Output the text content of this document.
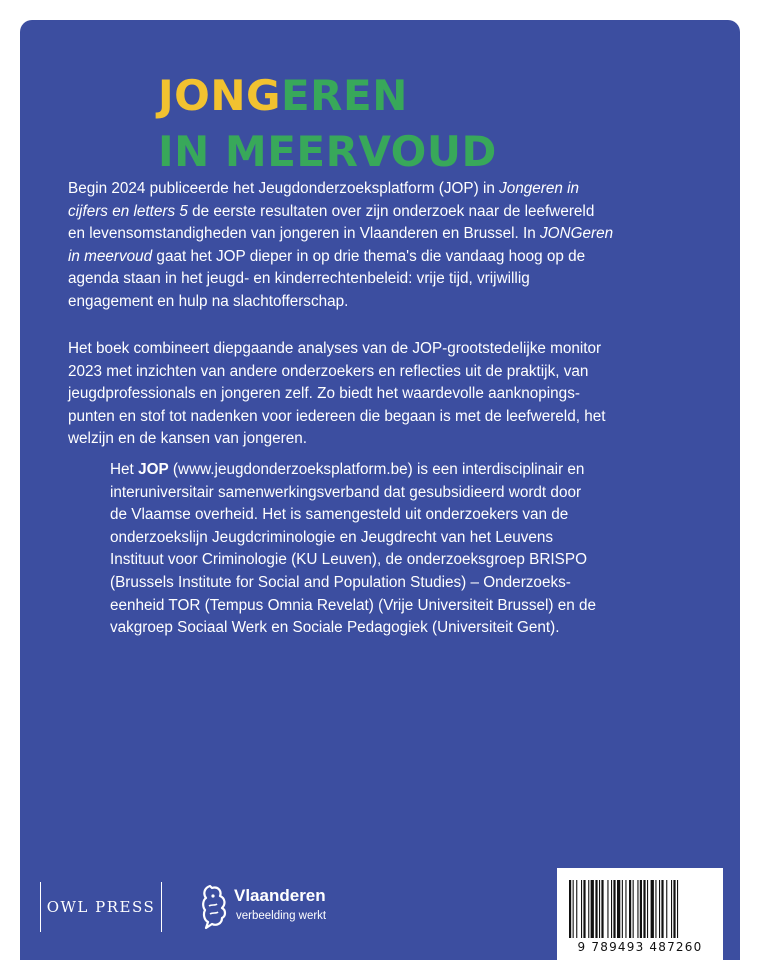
JONGEREN
IN MEERVOUD
Begin 2024 publiceerde het Jeugdonderzoeksplatform (JOP) in Jongeren in
cijfers en letters 5 de eerste resultaten over zijn onderzoek naar de leefwereld
en levensomstandigheden van jongeren in Vlaanderen en Brussel. In JONGeren
in meervoud gaat het JOP dieper in op drie thema's die vandaag hoog op de
agenda staan in het jeugd- en kinderrechtenbeleid: vrije tijd, vrijwillig
engagement en hulp na slachtofferschap.
Het boek combineert diepgaande analyses van de JOP-grootstedelijke monitor
2023 met inzichten van andere onderzoekers en reflecties uit de praktijk, van
jeugdprofessionals en jongeren zelf. Zo biedt het waardevolle aanknopings-
punten en stof tot nadenken voor iedereen die begaan is met de leefwereld, het
welzijn en de kansen van jongeren.
Het JOP (www.jeugdonderzoeksplatform.be) is een interdisciplinair en
interuniversitair samenwerkingsverband dat gesubsidieerd wordt door
de Vlaamse overheid. Het is samengesteld uit onderzoekers van de
onderzoekslijn Jeugdcriminologie en Jeugdrecht van het Leuvens
Instituut voor Criminologie (KU Leuven), de onderzoeksgroep BRISPO
(Brussels Institute for Social and Population Studies) – Onderzoeks-
eenheid TOR (Tempus Omnia Revelat) (Vrije Universiteit Brussel) en de
vakgroep Sociaal Werk en Sociale Pedagogiek (Universiteit Gent).
OWL PRESS
Vlaanderen
verbeelding werkt
9 789493 487260
